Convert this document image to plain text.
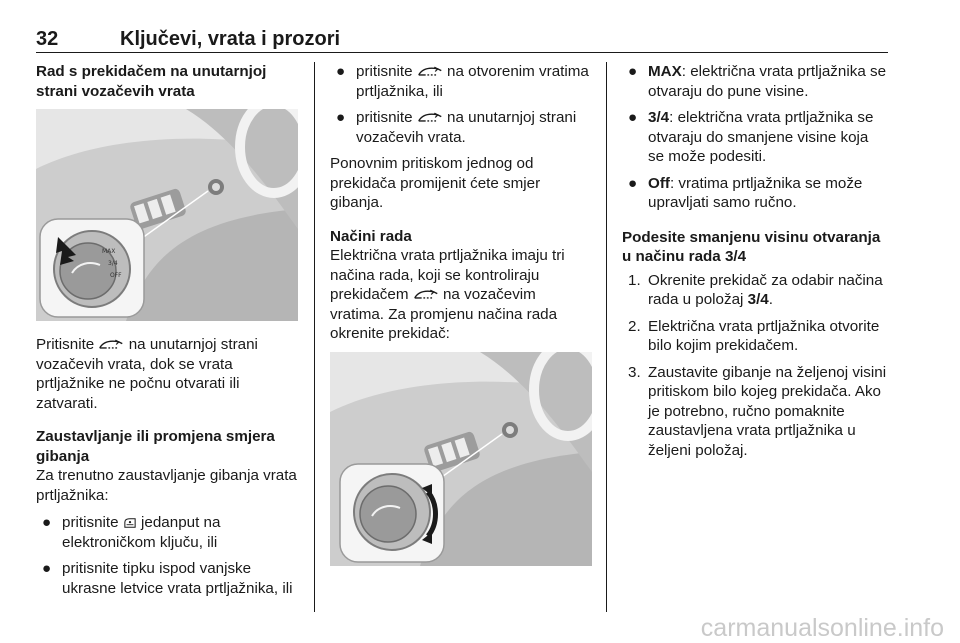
32	Ključevi, vrata i prozori

Rad s prekidačem na unutarnjoj strani vozačevih vrata

MAX
3/4
OFF

Pritisnite na unutarnjoj strani vozačevih vrata, dok se vrata prtljažnike ne počnu otvarati ili zatvarati.

Zaustavljanje ili promjena smjera gibanja

Za trenutno zaustavljanje gibanja vrata prtljažnika:

● pritisnite jedanput na elektroničkom ključu, ili
● pritisnite tipku ispod vanjske ukrasne letvice vrata prtljažnika, ili
● pritisnite na otvorenim vratima prtljažnika, ili
● pritisnite na unutarnjoj strani vozačevih vrata.

Ponovnim pritiskom jednog od prekidača promijenit ćete smjer gibanja.

Načini rada

Električna vrata prtljažnika imaju tri načina rada, koji se kontroliraju prekidačem na vozačevim vratima. Za promjenu načina rada okrenite prekidač:

● MAX: električna vrata prtljažnika se otvaraju do pune visine.
● 3/4: električna vrata prtljažnika se otvaraju do smanjene visine koja se može podesiti.
● Off: vratima prtljažnika se može upravljati samo ručno.

Podesite smanjenu visinu otvaranja u načinu rada 3/4

1. Okrenite prekidač za odabir načina rada u položaj 3/4.
2. Električna vrata prtljažnika otvorite bilo kojim prekidačem.
3. Zaustavite gibanje na željenoj visini pritiskom bilo kojeg prekidača. Ako je potrebno, ručno pomaknite zaustavljena vrata prtljažnika u željeni položaj.
carmanualsonline.info
